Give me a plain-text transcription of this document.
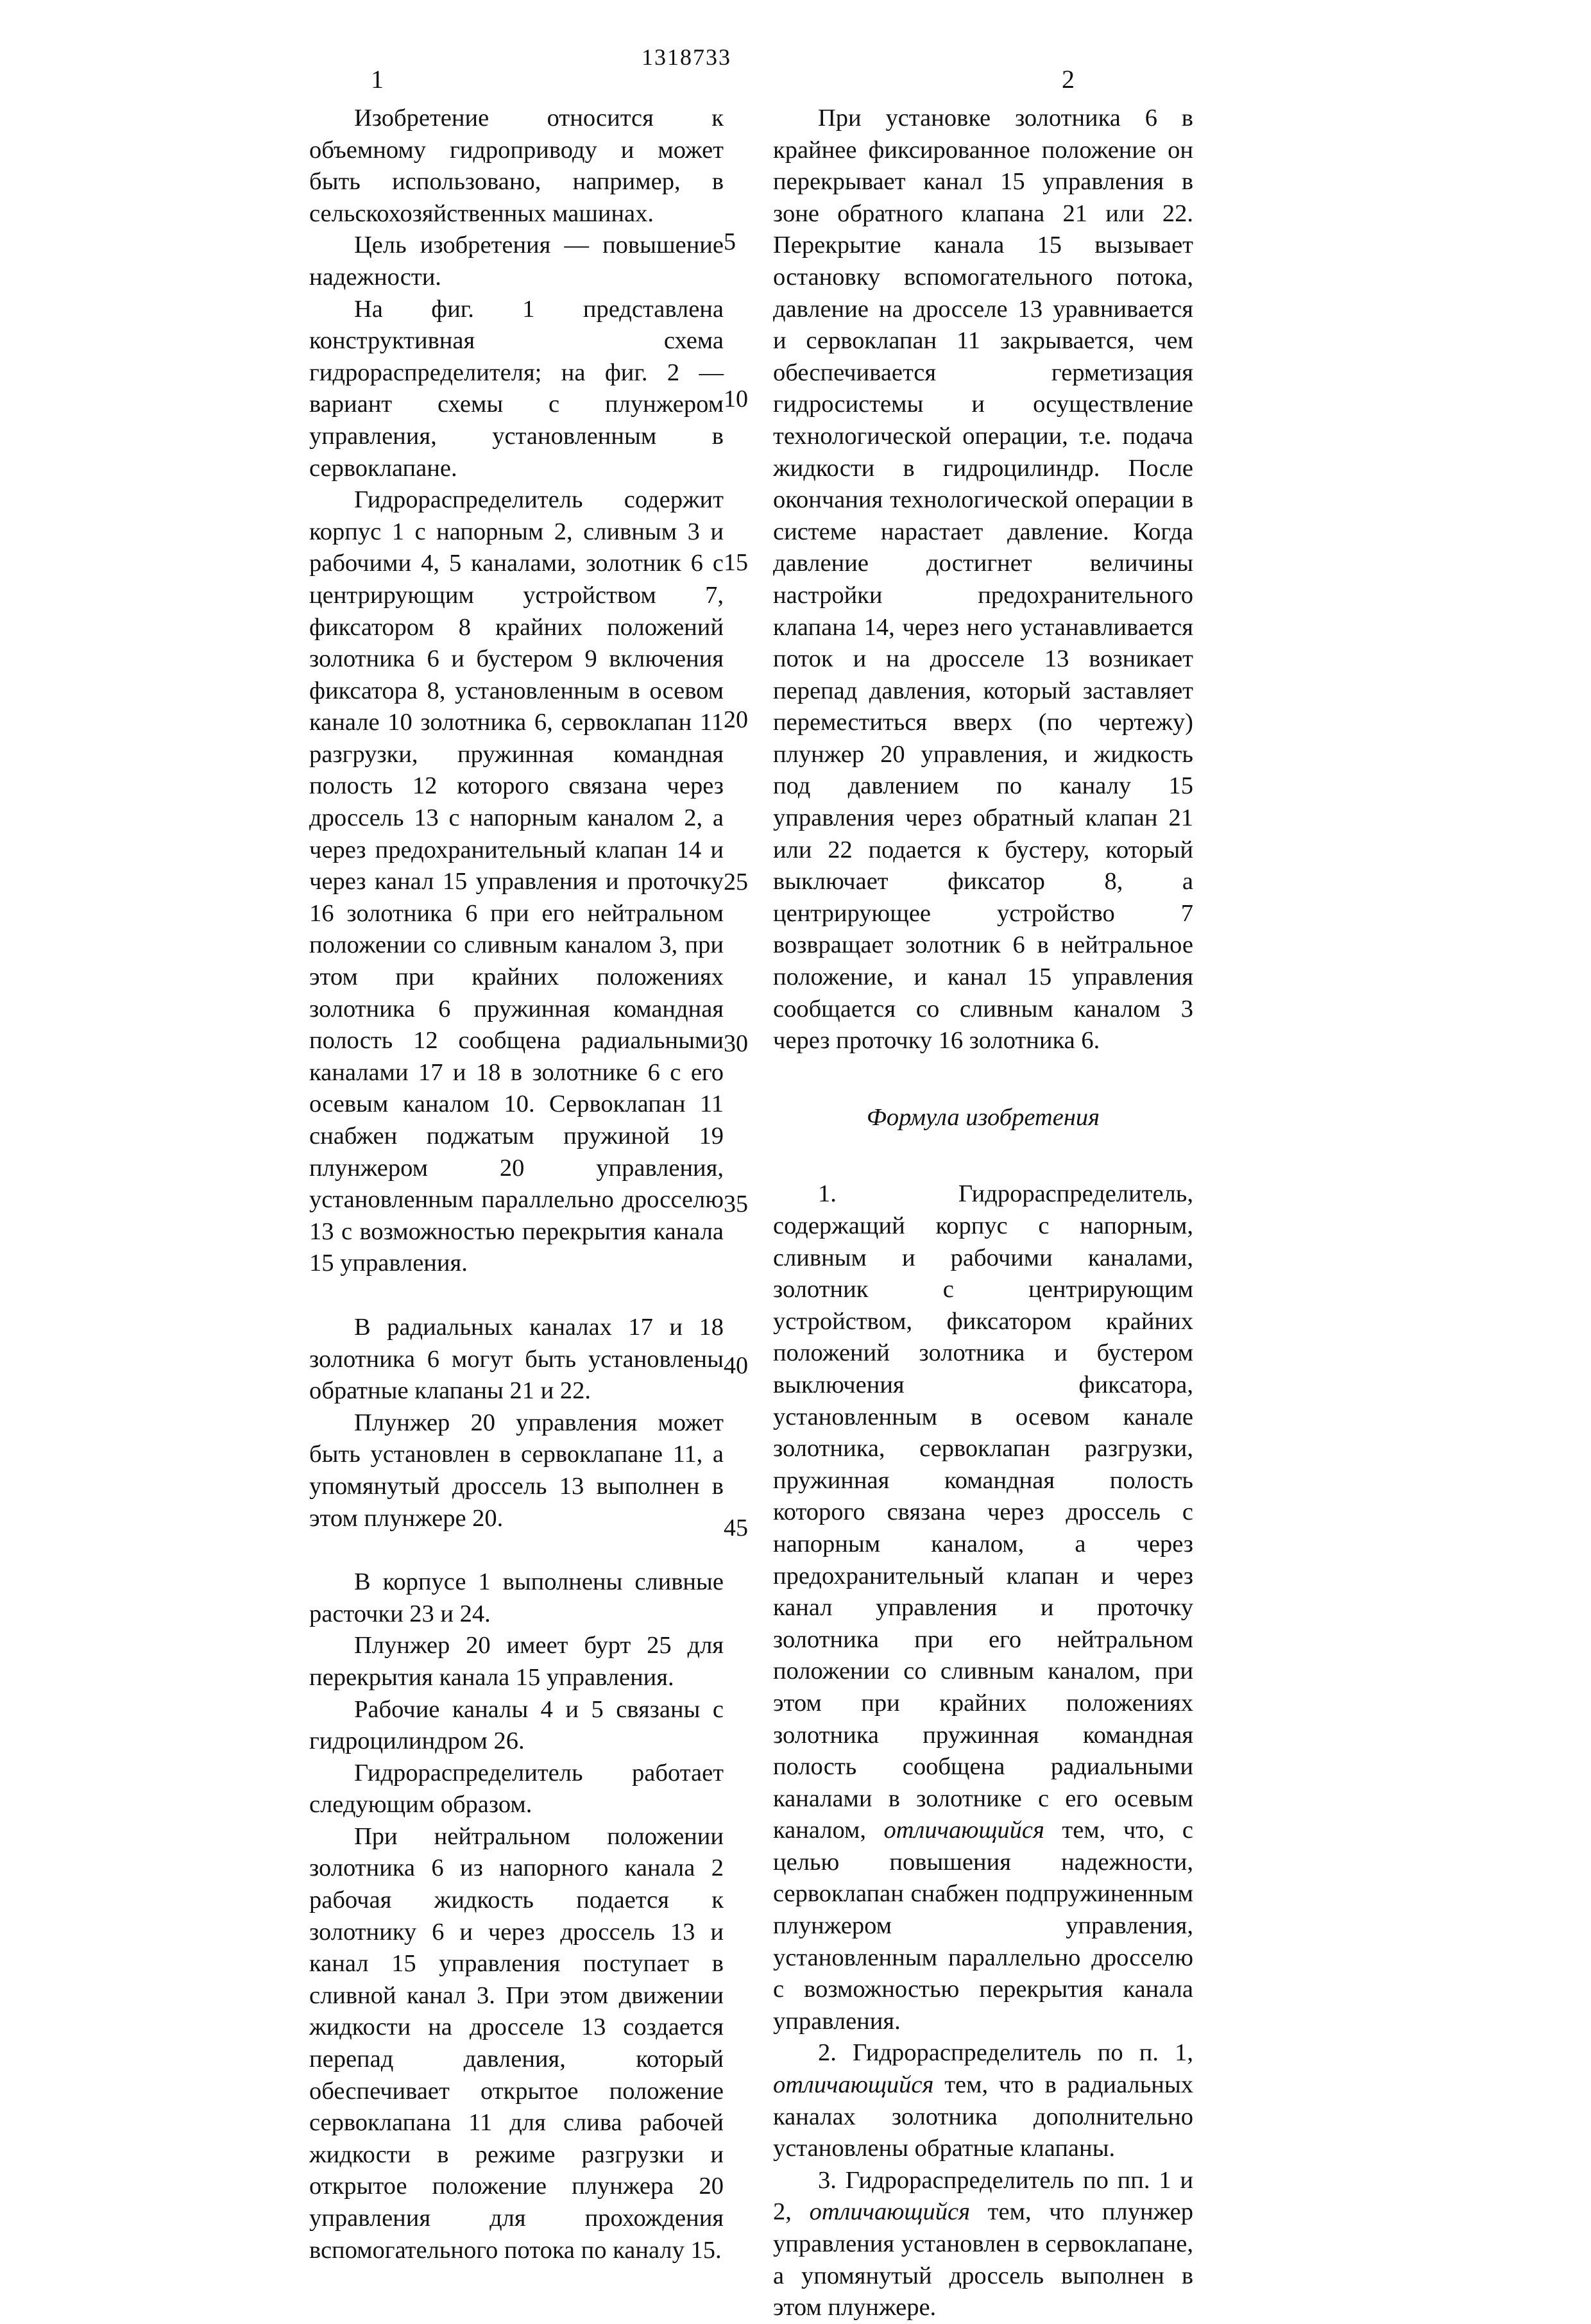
1318733
1	2
5
10
15
20
25
30
35
40
45

Изобретение относится к объемному гидроприводу и может быть использовано, например, в сельскохозяйственных машинах.

Цель изобретения — повышение надежности.

На фиг. 1 представлена конструктивная схема гидрораспределителя; на фиг. 2 — вариант схемы с плунжером управления, установленным в сервоклапане.

Гидрораспределитель содержит корпус 1 с напорным 2, сливным 3 и рабочими 4, 5 каналами, золотник 6 с центрирующим устройством 7, фиксатором 8 крайних положений золотника 6 и бустером 9 включения фиксатора 8, установленным в осевом канале 10 золотника 6, сервоклапан 11 разгрузки, пружинная командная полость 12 которого связана через дроссель 13 с напорным каналом 2, а через предохранительный клапан 14 и через канал 15 управления и проточку 16 золотника 6 при его нейтральном положении со сливным каналом 3, при этом при крайних положениях золотника 6 пружинная командная полость 12 сообщена радиальными каналами 17 и 18 в золотнике 6 с его осевым каналом 10. Сервоклапан 11 снабжен поджатым пружиной 19 плунжером 20 управления, установленным параллельно дросселю 13 с возможностью перекрытия канала 15 управления.

В радиальных каналах 17 и 18 золотника 6 могут быть установлены обратные клапаны 21 и 22.

Плунжер 20 управления может быть установлен в сервоклапане 11, а упомянутый дроссель 13 выполнен в этом плунжере 20.

В корпусе 1 выполнены сливные расточки 23 и 24.

Плунжер 20 имеет бурт 25 для перекрытия канала 15 управления.

Рабочие каналы 4 и 5 связаны с гидроцилиндром 26.

Гидрораспределитель работает следующим образом.

При нейтральном положении золотника 6 из напорного канала 2 рабочая жидкость подается к золотнику 6 и через дроссель 13 и канал 15 управления поступает в сливной канал 3. При этом движении жидкости на дросселе 13 создается перепад давления, который обеспечивает открытое положение сервоклапана 11 для слива рабочей жидкости в режиме разгрузки и открытое положение плунжера 20 управления для прохождения вспомогательного потока по каналу 15.

При установке золотника 6 в крайнее фиксированное положение он перекрывает канал 15 управления в зоне обратного клапана 21 или 22. Перекрытие канала 15 вызывает остановку вспомогательного потока, давление на дросселе 13 уравнивается и сервоклапан 11 закрывается, чем обеспечивается герметизация гидросистемы и осуществление технологической операции, т.е. подача жидкости в гидроцилиндр. После окончания технологической операции в системе нарастает давление. Когда давление достигнет величины настройки предохранительного клапана 14, через него устанавливается поток и на дросселе 13 возникает перепад давления, который заставляет переместиться вверх (по чертежу) плунжер 20 управления, и жидкость под давлением по каналу 15 управления через обратный клапан 21 или 22 подается к бустеру, который выключает фиксатор 8, а центрирующее устройство 7 возвращает золотник 6 в нейтральное положение, и канал 15 управления сообщается со сливным каналом 3 через проточку 16 золотника 6.

Формула изобретения

1. Гидрораспределитель, содержащий корпус с напорным, сливным и рабочими каналами, золотник с центрирующим устройством, фиксатором крайних положений золотника и бустером выключения фиксатора, установленным в осевом канале золотника, сервоклапан разгрузки, пружинная командная полость которого связана через дроссель с напорным каналом, а через предохранительный клапан и через канал управления и проточку золотника при его нейтральном положении со сливным каналом, при этом при крайних положениях золотника пружинная командная полость сообщена радиальными каналами в золотнике с его осевым каналом, отличающийся тем, что, с целью повышения надежности, сервоклапан снабжен подпружиненным плунжером управления, установленным параллельно дросселю с возможностью перекрытия канала управления.

2. Гидрораспределитель по п. 1, отличающийся тем, что в радиальных каналах золотника дополнительно установлены обратные клапаны.

3. Гидрораспределитель по пп. 1 и 2, отличающийся тем, что плунжер управления установлен в сервоклапане, а упомянутый дроссель выполнен в этом плунжере.
